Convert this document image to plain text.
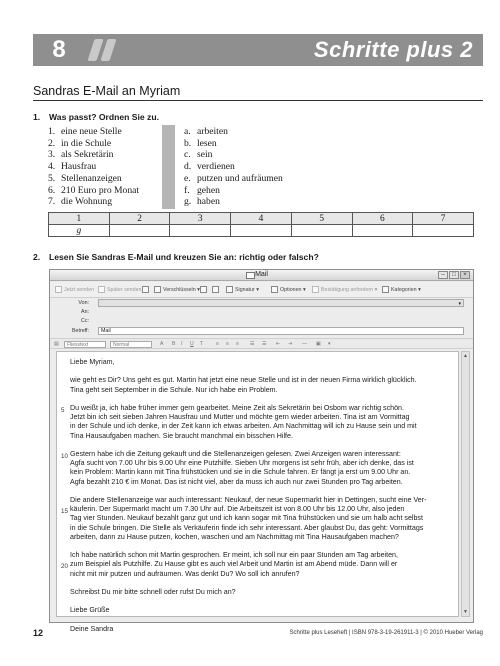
8	Schritte plus 2
Sandras E-Mail an Myriam
1. Was passt? Ordnen Sie zu.
1. eine neue Stelle
2. in die Schule
3. als Sekretärin
4. Hausfrau
5. Stellenanzeigen
6. 210 Euro pro Monat
7. die Wohnung
a. arbeiten
b. lesen
c. sein
d. verdienen
e. putzen und aufräumen
f. gehen
g. haben
1	2	3	4	5	6	7
g						
2. Lesen Sie Sandras E-Mail und kreuzen Sie an: richtig oder falsch?
Mail	– □ ×
Jetzt senden	Später senden	Verschlüsseln ▾	Signatur ▾	Optionen ▾	Bestätigung anfordern ▾	Kategorien ▾
Von:	▾
An:
Cc:
Betreff:	Mail
▤	Fliesstext	Normal	A B I U T	≡ ≡ ≡ ☰ ☰ ⇤ ⇥ — ▣ ▾
▲
▼

Liebe Myriam,

wie geht es Dir? Uns geht es gut. Martin hat jetzt eine neue Stelle und ist in der neuen Firma wirklich glücklich.
Tina geht seit September in die Schule. Nur ich habe ein Problem.

Du weißt ja, ich habe früher immer gern gearbeitet. Meine Zeit als Sekretärin bei Osbom war richtig schön.
Jetzt bin ich seit sieben Jahren Hausfrau und Mutter und möchte gern wieder arbeiten. Tina ist am Vormittag
in der Schule und ich denke, in der Zeit kann ich etwas arbeiten. Am Nachmittag will ich zu Hause sein und mit
Tina Hausaufgaben machen. Sie braucht manchmal ein bisschen Hilfe.

Gestern habe ich die Zeitung gekauft und die Stellenanzeigen gelesen. Zwei Anzeigen waren interessant:
Agfa sucht von 7.00 Uhr bis 9.00 Uhr eine Putzhilfe. Sieben Uhr morgens ist sehr früh, aber ich denke, das ist
kein Problem: Martin kann mit Tina frühstücken und sie in die Schule fahren. Er fängt ja erst um 9.00 Uhr an.
Agfa bezahlt 210 € im Monat. Das ist nicht viel, aber da muss ich auch nur zwei Stunden pro Tag arbeiten.

Die andere Stellenanzeige war auch interessant: Neukauf, der neue Supermarkt hier in Dettingen, sucht eine Ver-
käuferin. Der Supermarkt macht um 7.30 Uhr auf. Die Arbeitszeit ist von 8.00 Uhr bis 12.00 Uhr, also jeden
Tag vier Stunden. Neukauf bezahlt ganz gut und ich kann sogar mit Tina frühstücken und sie um halb acht selbst
in die Schule bringen. Die Stelle als Verkäuferin finde ich sehr interessant. Aber glaubst Du, das geht: Vormittags
arbeiten, dann zu Hause putzen, kochen, waschen und am Nachmittag mit Tina Hausaufgaben machen?

Ich habe natürlich schon mit Martin gesprochen. Er meint, ich soll nur ein paar Stunden am Tag arbeiten,
zum Beispiel als Putzhilfe. Zu Hause gibt es auch viel Arbeit und Martin ist am Abend müde. Dann will er
nicht mit mir putzen und aufräumen. Was denkt Du? Wo soll ich anrufen?

Schreibst Du mir bitte schnell oder rufst Du mich an?

Liebe Grüße

Deine Sandra

5
10
15
20
12	Schritte plus Leseheft | ISBN 978-3-19-261911-3 | © 2010 Hueber Verlag
